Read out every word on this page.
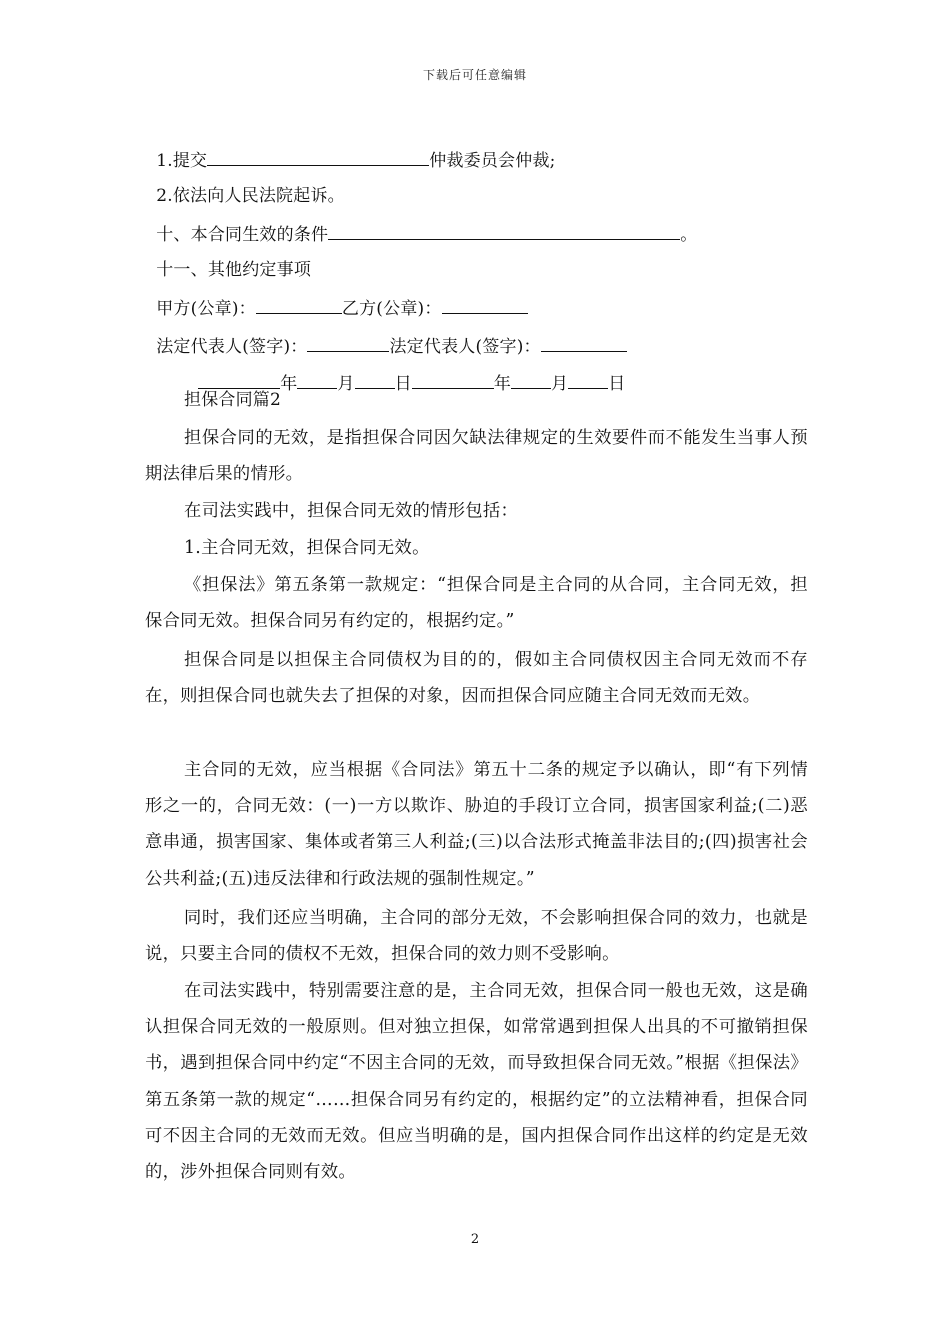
下载后可任意编辑

1.提交	仲裁委员会仲裁;

2.依法向人民法院起诉。

十、本合同生效的条件	。

十一、其他约定事项

甲方(公章)：	乙方(公章)：

法定代表人(签字)：	法定代表人(签字)：

年 月 日	年 月 日

担保合同篇2
担保合同的无效，是指担保合同因欠缺法律规定的生效要件而不能发生当事人预期法律后果的情形。
在司法实践中，担保合同无效的情形包括：
1.主合同无效，担保合同无效。
《担保法》第五条第一款规定：“担保合同是主合同的从合同，主合同无效，担保合同无效。担保合同另有约定的，根据约定。”
担保合同是以担保主合同债权为目的的，假如主合同债权因主合同无效而不存在，则担保合同也就失去了担保的对象，因而担保合同应随主合同无效而无效。
主合同的无效，应当根据《合同法》第五十二条的规定予以确认，即“有下列情形之一的，合同无效：(一)一方以欺诈、胁迫的手段订立合同，损害国家利益;(二)恶意串通，损害国家、集体或者第三人利益;(三)以合法形式掩盖非法目的;(四)损害社会公共利益;(五)违反法律和行政法规的强制性规定。”
同时，我们还应当明确，主合同的部分无效，不会影响担保合同的效力，也就是说，只要主合同的债权不无效，担保合同的效力则不受影响。
在司法实践中，特别需要注意的是，主合同无效，担保合同一般也无效，这是确认担保合同无效的一般原则。但对独立担保，如常常遇到担保人出具的不可撤销担保书，遇到担保合同中约定“不因主合同的无效，而导致担保合同无效。”根据《担保法》第五条第一款的规定“……担保合同另有约定的，根据约定”的立法精神看，担保合同可不因主合同的无效而无效。但应当明确的是，国内担保合同作出这样的约定是无效的，涉外担保合同则有效。
2
